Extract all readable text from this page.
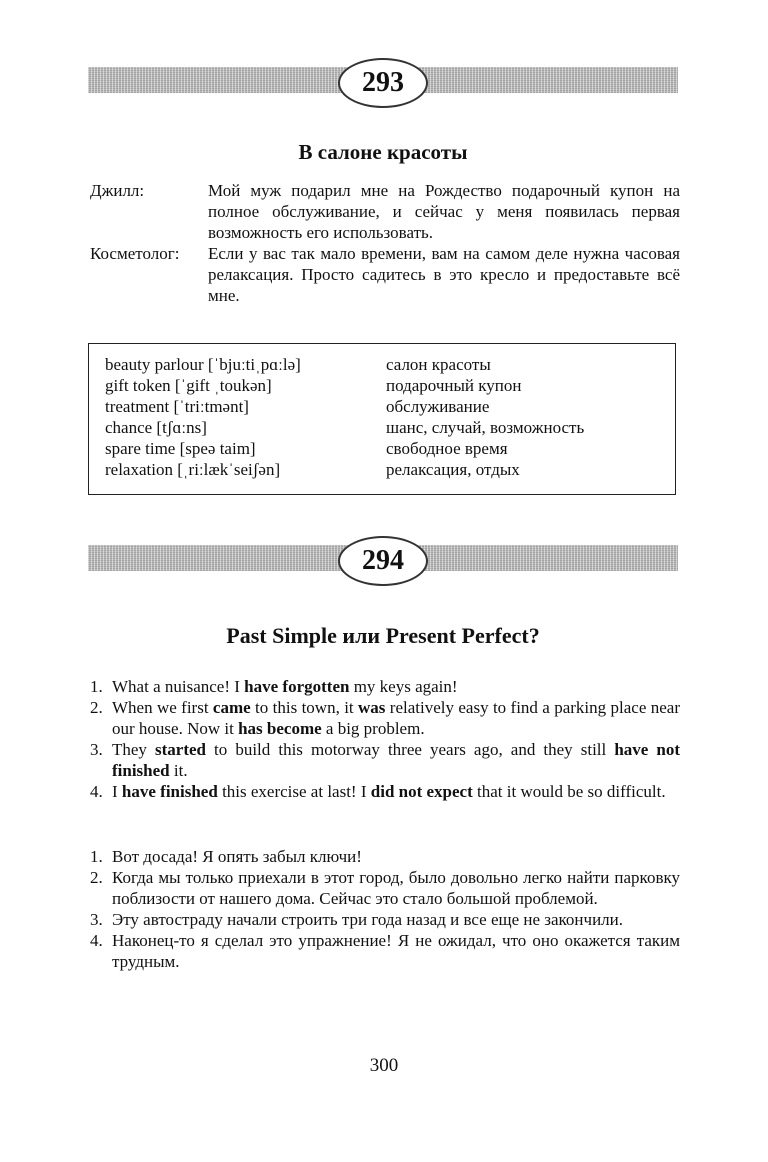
293
В салоне красоты
Джилл:	Мой муж подарил мне на Рождество подарочный купон на полное обслуживание, и сейчас у меня появилась первая возможность его использовать.
Косметолог:	Если у вас так мало времени, вам на самом деле нужна часовая релаксация. Просто садитесь в это кресло и предоставьте всё мне.
beauty parlour [ˈbjuːtiˌpɑːlə]	салон красоты
gift token [ˈgift ˌtoukən]	подарочный купон
treatment [ˈtriːtmənt]	обслуживание
chance [tʃɑːns]	шанс, случай, возможность
spare time [speə taim]	свободное время
relaxation [ˌriːlækˈseiʃən]	релаксация, отдых
294
Past Simple или Present Perfect?
1. What a nuisance! I have forgotten my keys again!
2. When we first came to this town, it was relatively easy to find a parking place near our house. Now it has become a big problem.
3. They started to build this motorway three years ago, and they still have not finished it.
4. I have finished this exercise at last! I did not expect that it would be so difficult.
1. Вот досада! Я опять забыл ключи!
2. Когда мы только приехали в этот город, было довольно легко найти парковку поблизости от нашего дома. Сейчас это стало большой проблемой.
3. Эту автостраду начали строить три года назад и все еще не закончили.
4. Наконец-то я сделал это упражнение! Я не ожидал, что оно окажется таким трудным.
300
